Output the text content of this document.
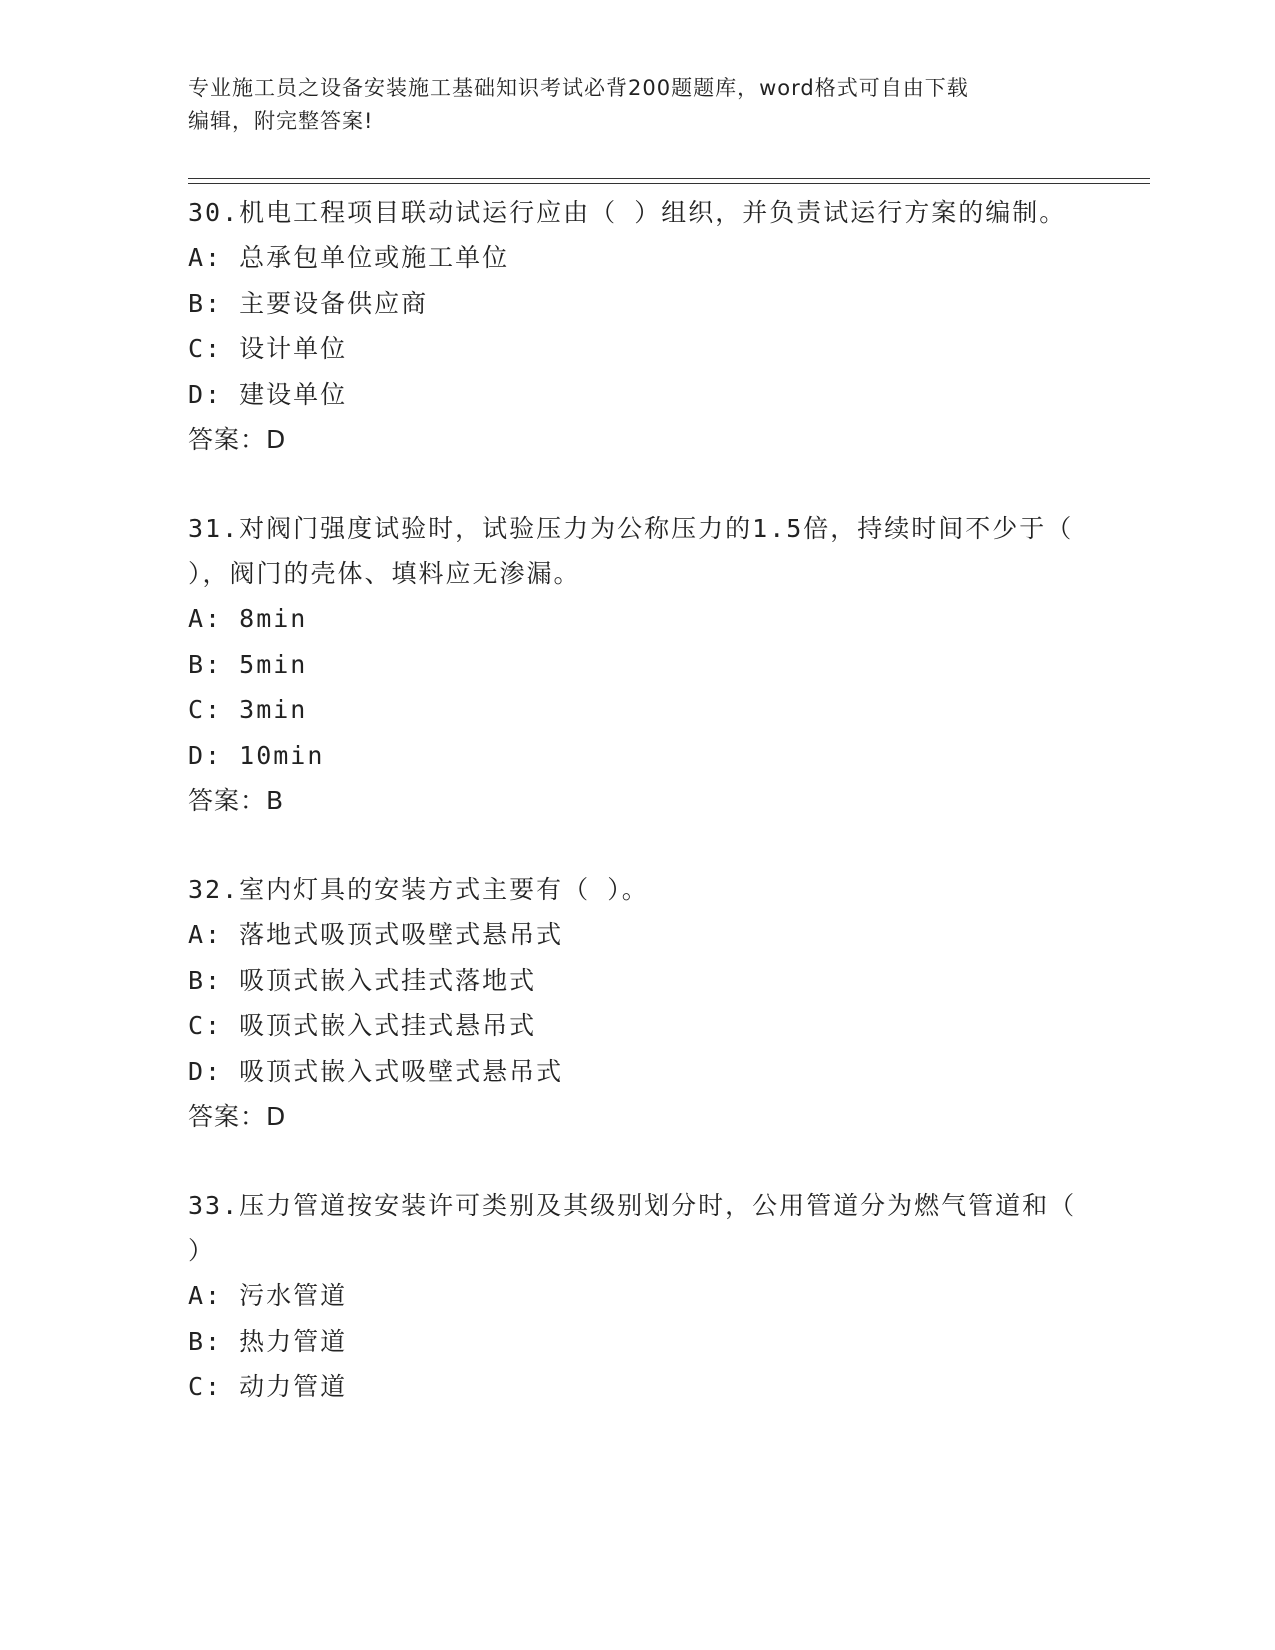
专业施工员之设备安装施工基础知识考试必背200题题库，word格式可自由下载
编辑，附完整答案!

30.机电工程项目联动试运行应由（ ）组织，并负责试运行方案的编制。

A: 总承包单位或施工单位

B: 主要设备供应商

C: 设计单位

D: 建设单位

答案：D

31.对阀门强度试验时，试验压力为公称压力的1.5倍，持续时间不少于（ ），阀门的壳体、填料应无渗漏。

A: 8min

B: 5min

C: 3min

D: 10min

答案：B

32.室内灯具的安装方式主要有（ ）。

A: 落地式吸顶式吸壁式悬吊式

B: 吸顶式嵌入式挂式落地式

C: 吸顶式嵌入式挂式悬吊式

D: 吸顶式嵌入式吸壁式悬吊式

答案：D

33.压力管道按安装许可类别及其级别划分时，公用管道分为燃气管道和（ ）

A: 污水管道

B: 热力管道

C: 动力管道
